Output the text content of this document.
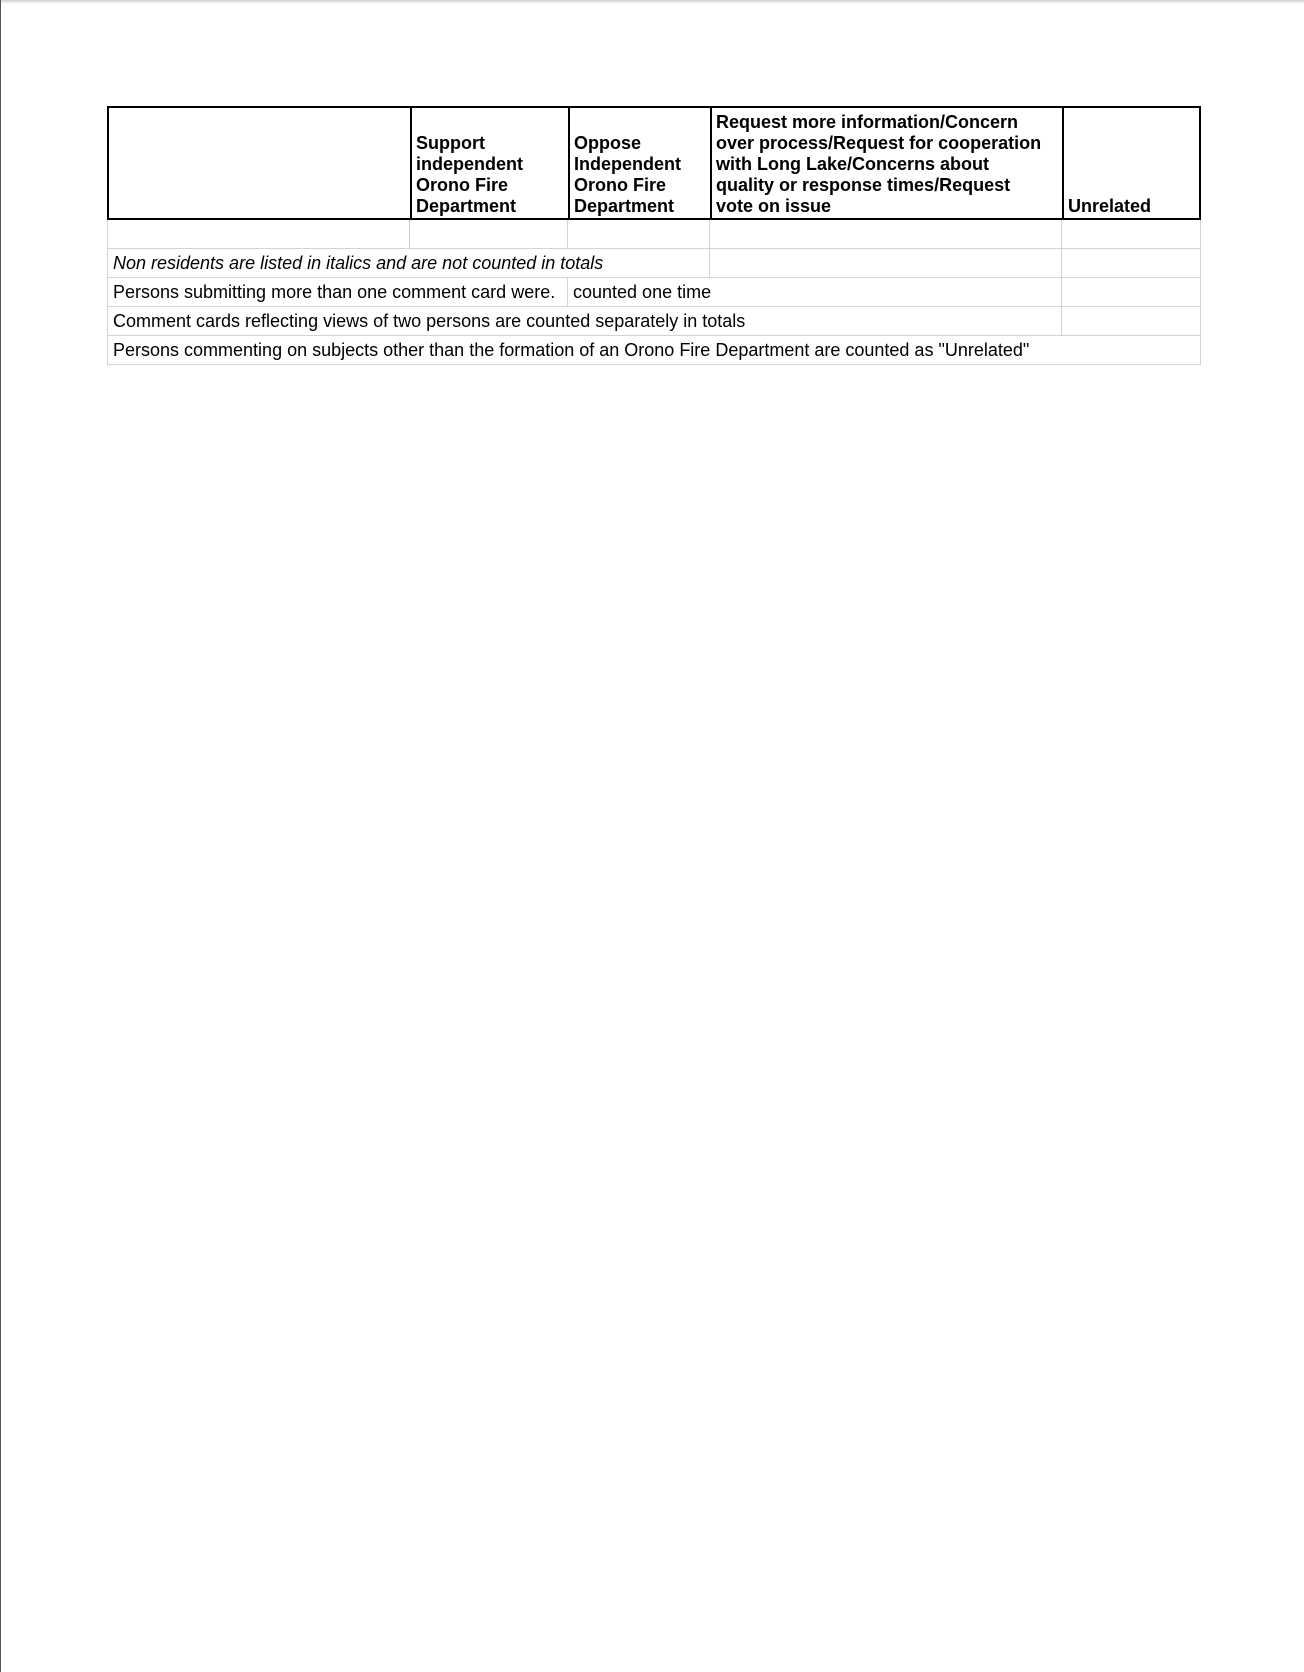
Support
independent
Orono Fire
Department
Oppose
Independent
Orono Fire
Department
Request more information/Concern
over process/Request for cooperation
with Long Lake/Concerns about
quality or response times/Request
vote on issue	Unrelated
Non residents are listed in italics and are not counted in totals
Persons submitting more than one comment card were. counted one time
Comment cards reflecting views of two persons are counted separately in totals
Persons commenting on subjects other than the formation of an Orono Fire Department are counted as "Unrelated"
